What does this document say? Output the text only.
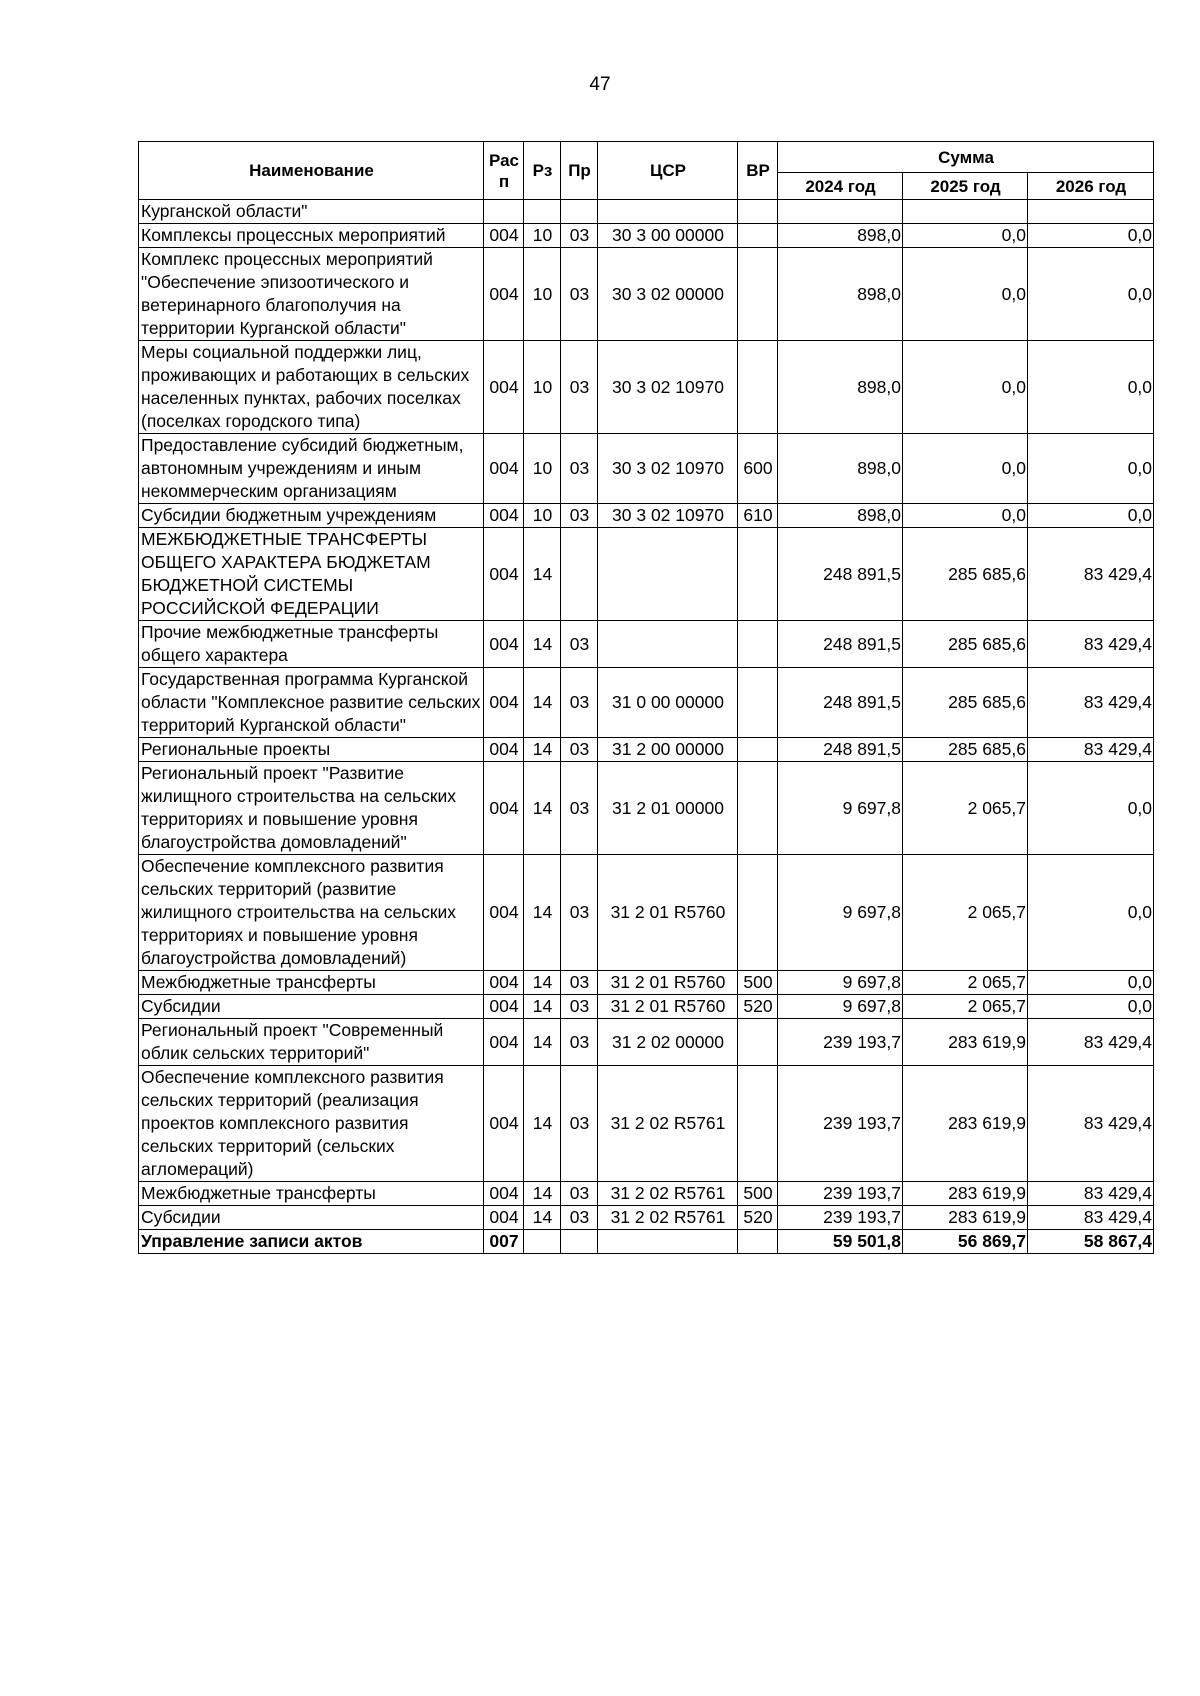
47
Наименование	Рас п	Рз	Пр	ЦСР	ВР	Сумма		
						2024 год	2025 год	2026 год
Курганской области"								
Комплексы процессных мероприятий	004	10	03	30 3 00 00000		898,0	0,0	0,0
Комплекс процессных мероприятий "Обеспечение эпизоотического и ветеринарного благополучия на территории Курганской области"	004	10	03	30 3 02 00000		898,0	0,0	0,0
Меры социальной поддержки лиц, проживающих и работающих в сельских населенных пунктах, рабочих поселках (поселках городского типа)	004	10	03	30 3 02 10970		898,0	0,0	0,0
Предоставление субсидий бюджетным, автономным учреждениям и иным некоммерческим организациям	004	10	03	30 3 02 10970	600	898,0	0,0	0,0
Субсидии бюджетным учреждениям	004	10	03	30 3 02 10970	610	898,0	0,0	0,0
МЕЖБЮДЖЕТНЫЕ ТРАНСФЕРТЫ ОБЩЕГО ХАРАКТЕРА БЮДЖЕТАМ БЮДЖЕТНОЙ СИСТЕМЫ РОССИЙСКОЙ ФЕДЕРАЦИИ	004	14				248 891,5	285 685,6	83 429,4
Прочие межбюджетные трансферты общего характера	004	14	03			248 891,5	285 685,6	83 429,4
Государственная программа Курганской области "Комплексное развитие сельских территорий Курганской области"	004	14	03	31 0 00 00000		248 891,5	285 685,6	83 429,4
Региональные проекты	004	14	03	31 2 00 00000		248 891,5	285 685,6	83 429,4
Региональный проект "Развитие жилищного строительства на сельских территориях и повышение уровня благоустройства домовладений"	004	14	03	31 2 01 00000		9 697,8	2 065,7	0,0
Обеспечение комплексного развития сельских территорий (развитие жилищного строительства на сельских территориях и повышение уровня благоустройства домовладений)	004	14	03	31 2 01 R5760		9 697,8	2 065,7	0,0
Межбюджетные трансферты	004	14	03	31 2 01 R5760	500	9 697,8	2 065,7	0,0
Субсидии	004	14	03	31 2 01 R5760	520	9 697,8	2 065,7	0,0
Региональный проект "Современный облик сельских территорий"	004	14	03	31 2 02 00000		239 193,7	283 619,9	83 429,4
Обеспечение комплексного развития сельских территорий (реализация проектов комплексного развития сельских территорий (сельских агломераций)	004	14	03	31 2 02 R5761		239 193,7	283 619,9	83 429,4
Межбюджетные трансферты	004	14	03	31 2 02 R5761	500	239 193,7	283 619,9	83 429,4
Субсидии	004	14	03	31 2 02 R5761	520	239 193,7	283 619,9	83 429,4
Управление записи актов	007					59 501,8	56 869,7	58 867,4
